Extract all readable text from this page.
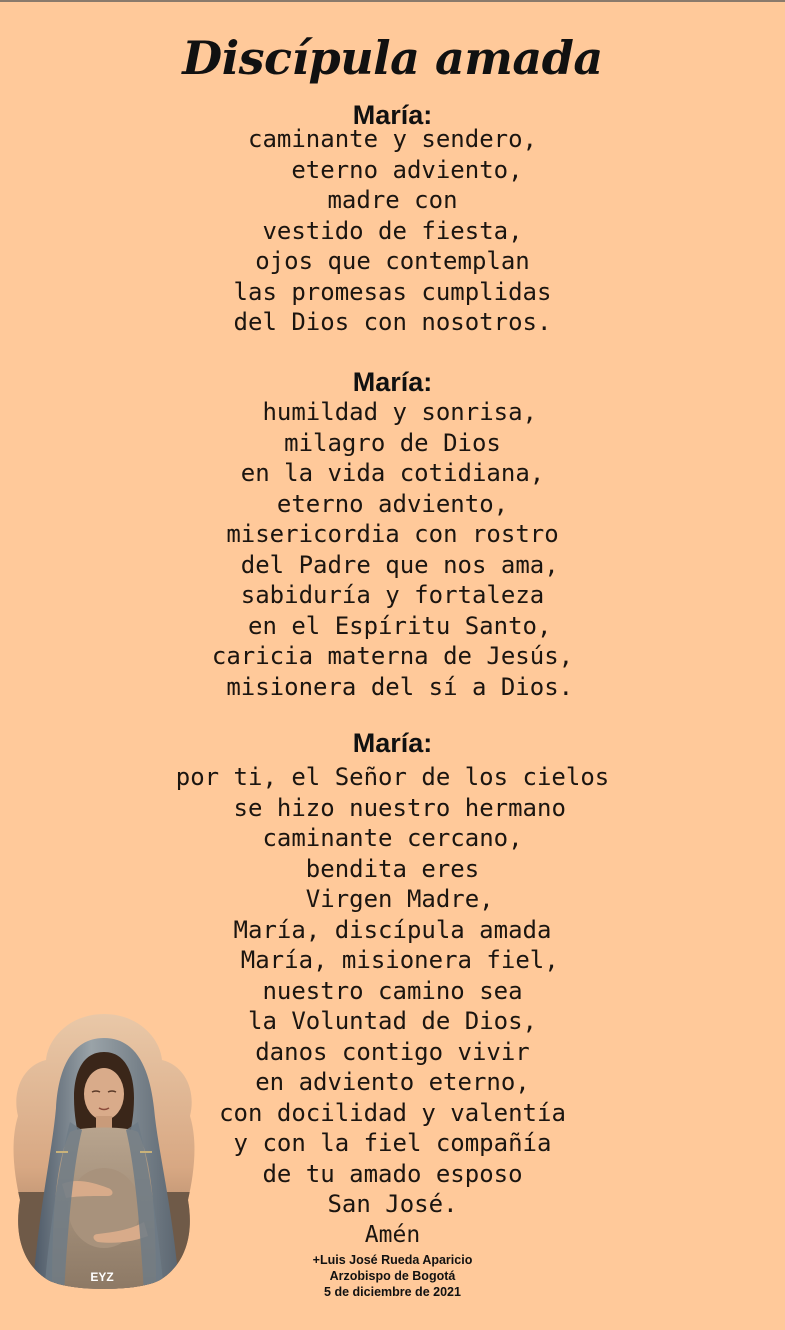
Discípula amada
María:
caminante y sendero,
eterno adviento,
madre con
vestido de fiesta,
ojos que contemplan
las promesas cumplidas
del Dios con nosotros.
María:
humildad y sonrisa,
milagro de Dios
en la vida cotidiana,
eterno adviento,
misericordia con rostro
del Padre que nos ama,
sabiduría y fortaleza
en el Espíritu Santo,
caricia materna de Jesús,
misionera del sí a Dios.
María:
por ti, el Señor de los cielos
se hizo nuestro hermano
caminante cercano,
bendita eres
Virgen Madre,
María, discípula amada
María, misionera fiel,
nuestro camino sea
la Voluntad de Dios,
danos contigo vivir
en adviento eterno,
con docilidad y valentía
y con la fiel compañía
de tu amado esposo
San José.
Amén
+Luis José Rueda Aparicio
Arzobispo de Bogotá
5 de diciembre de 2021
EYZ
